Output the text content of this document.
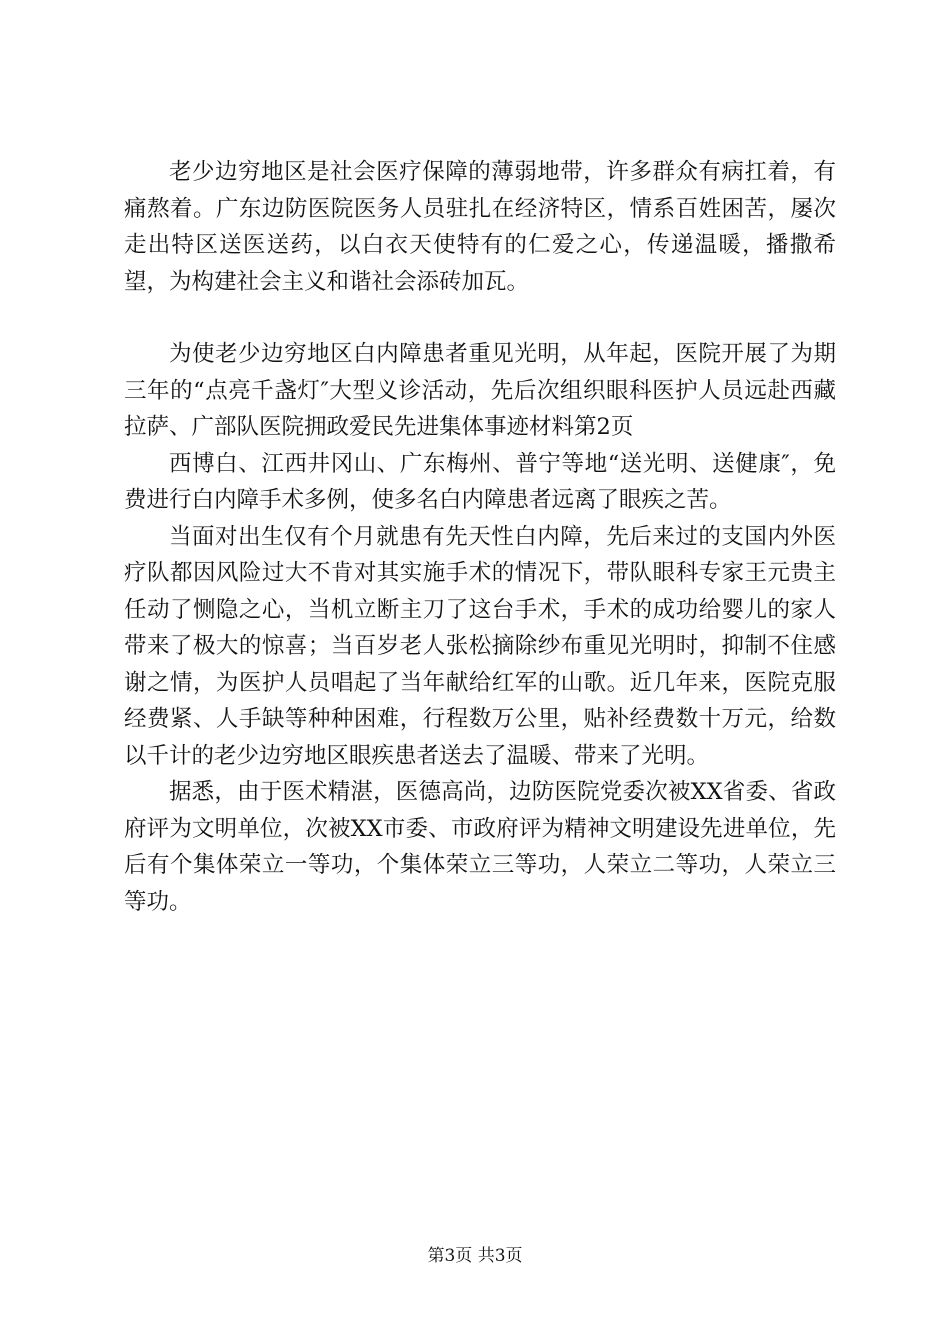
老少边穷地区是社会医疗保障的薄弱地带，许多群众有病扛着，有痛熬着。广东边防医院医务人员驻扎在经济特区，情系百姓困苦，屡次走出特区送医送药，以白衣天使特有的仁爱之心，传递温暖，播撒希望，为构建社会主义和谐社会添砖加瓦。

为使老少边穷地区白内障患者重见光明，从年起，医院开展了为期三年的“点亮千盏灯″大型义诊活动，先后次组织眼科医护人员远赴西藏拉萨、广部队医院拥政爱民先进集体事迹材料第2页

西博白、江西井冈山、广东梅州、普宁等地“送光明、送健康″，免费进行白内障手术多例，使多名白内障患者远离了眼疾之苦。

当面对出生仅有个月就患有先天性白内障，先后来过的支国内外医疗队都因风险过大不肯对其实施手术的情况下，带队眼科专家王元贵主任动了恻隐之心，当机立断主刀了这台手术，手术的成功给婴儿的家人带来了极大的惊喜；当百岁老人张松摘除纱布重见光明时，抑制不住感谢之情，为医护人员唱起了当年献给红军的山歌。近几年来，医院克服经费紧、人手缺等种种困难，行程数万公里，贴补经费数十万元，给数以千计的老少边穷地区眼疾患者送去了温暖、带来了光明。

据悉，由于医术精湛，医德高尚，边防医院党委次被XX省委、省政府评为文明单位，次被XX市委、市政府评为精神文明建设先进单位，先后有个集体荣立一等功，个集体荣立三等功，人荣立二等功，人荣立三等功。

第3页 共3页
